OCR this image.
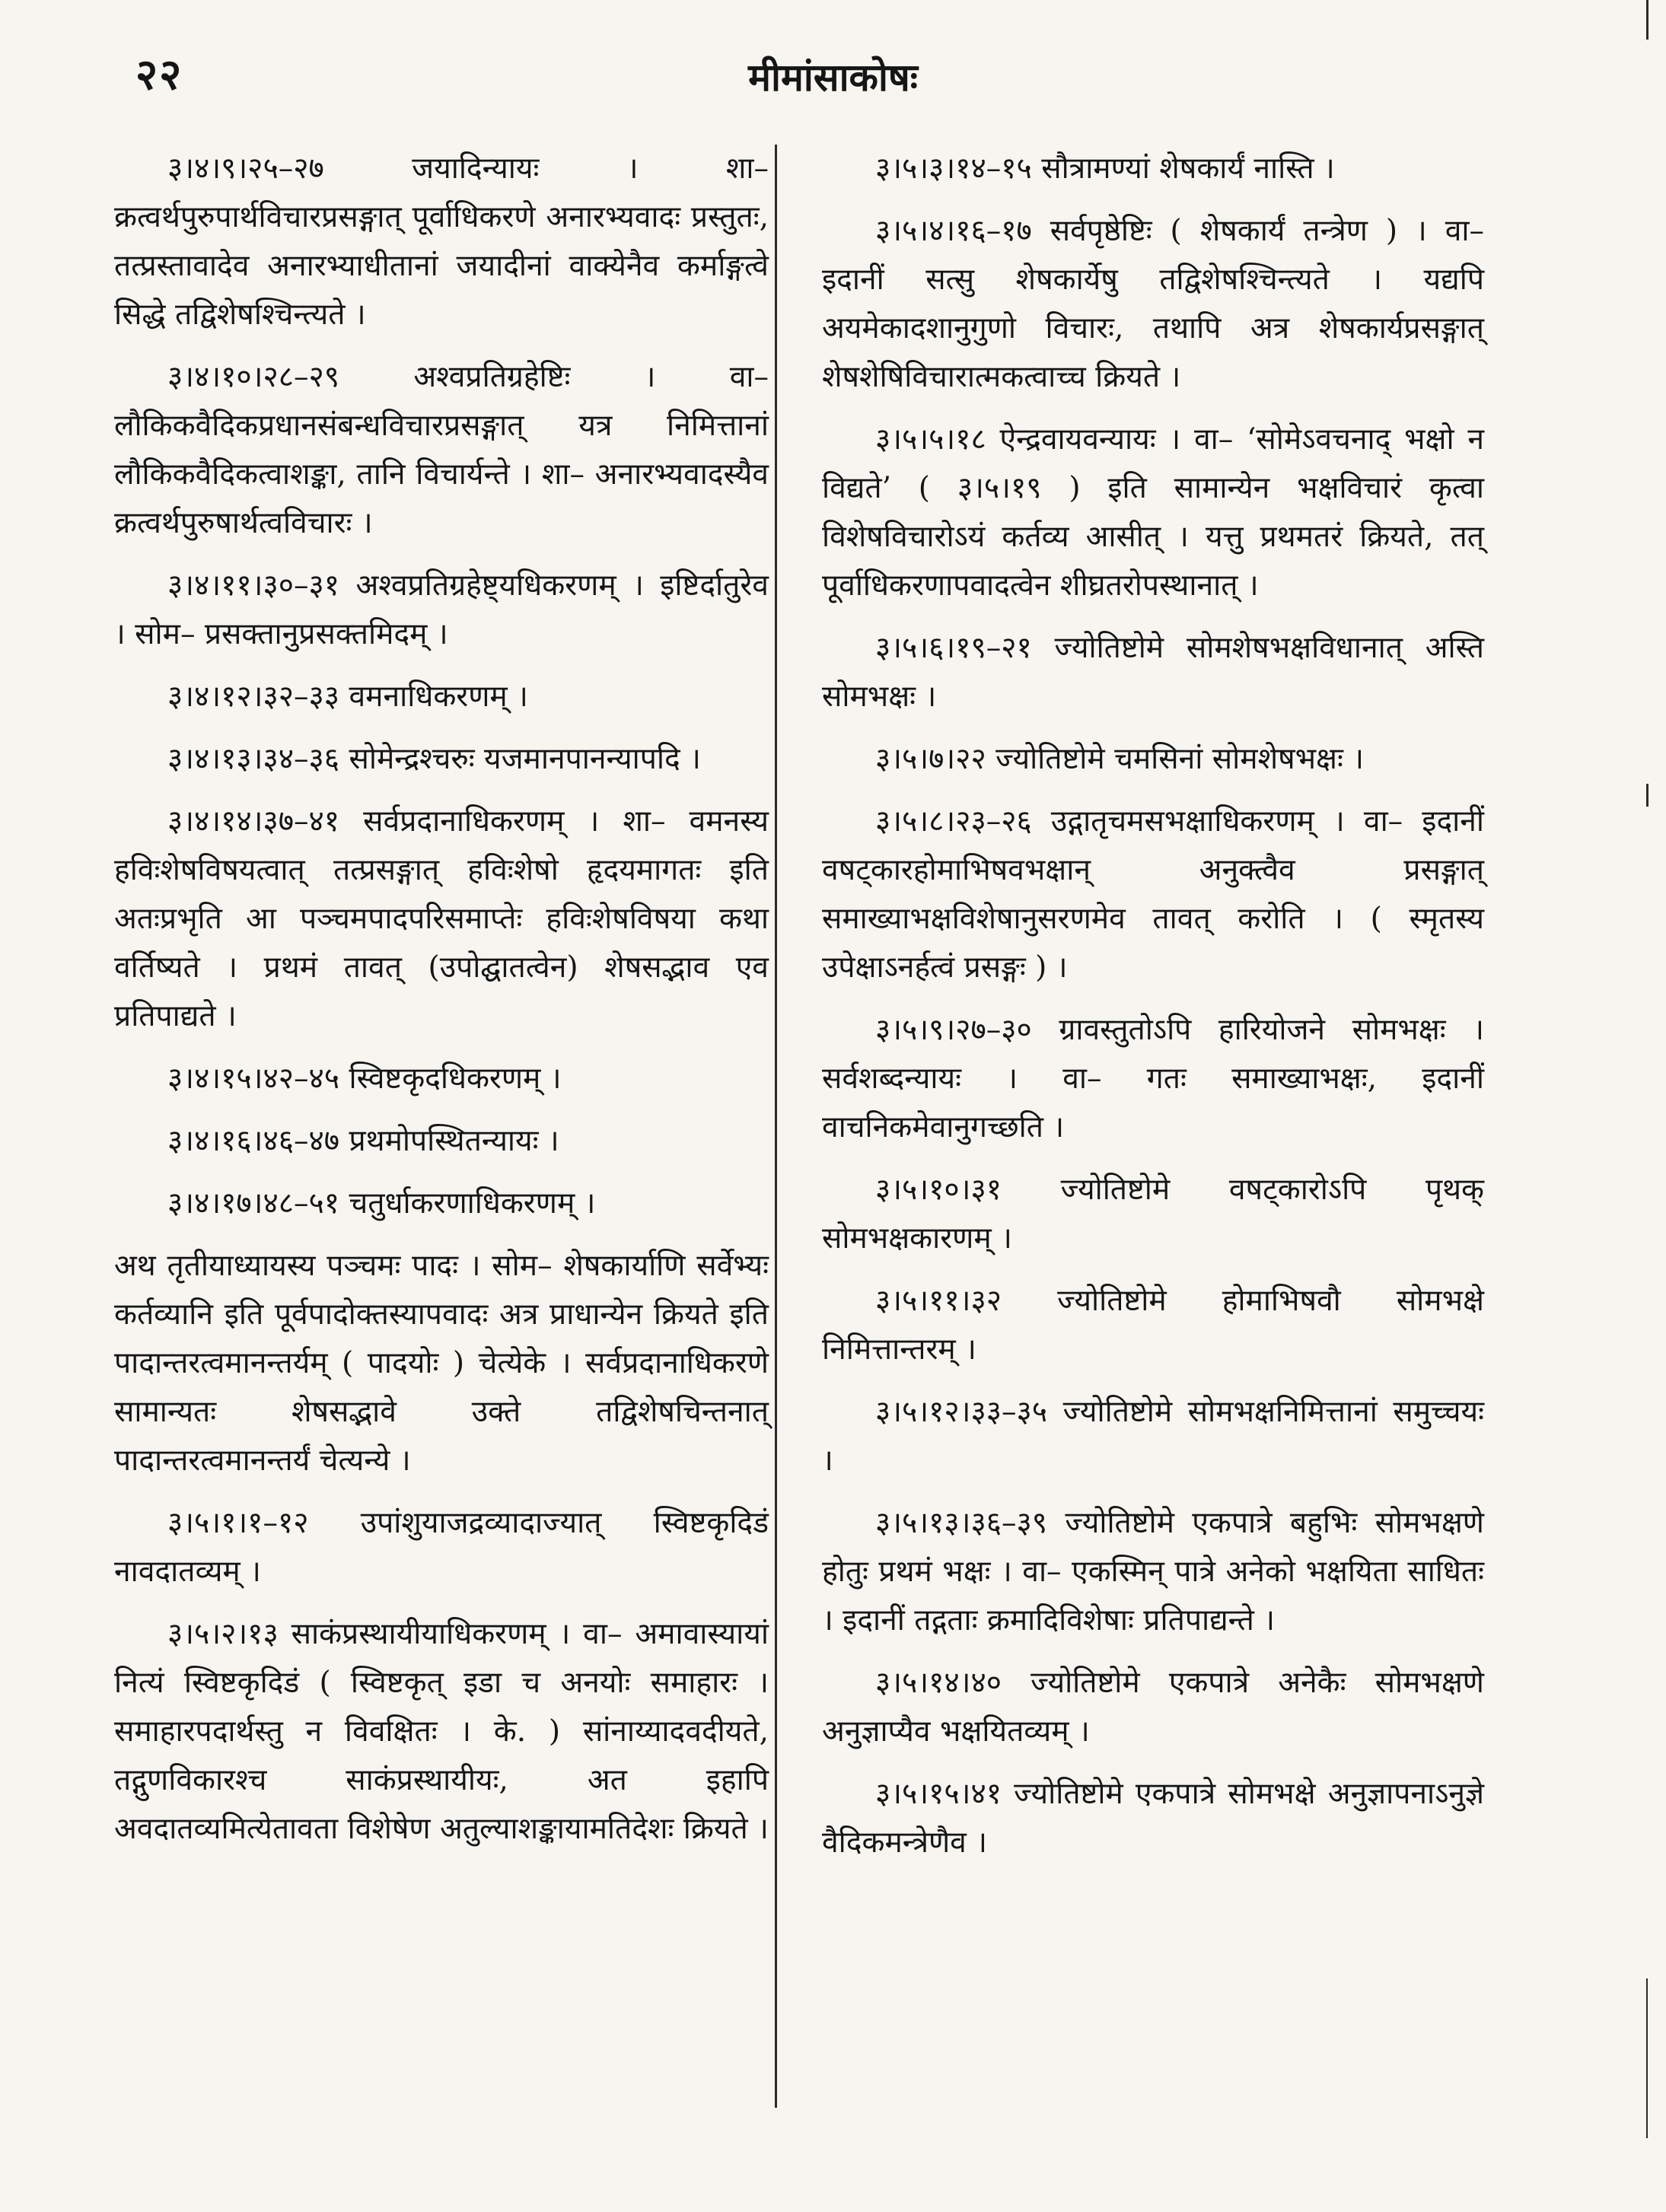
२२	मीमांसाकोषः

३।४।९।२५–२७ जयादिन्यायः । शा– क्रत्वर्थपुरुपार्थविचारप्रसङ्गात् पूर्वाधिकरणे अनारभ्यवादः प्रस्तुतः, तत्प्रस्तावादेव अनारभ्याधीतानां जयादीनां वाक्येनैव कर्माङ्गत्वे सिद्धे तद्विशेषश्चिन्त्यते ।

३।४।१०।२८–२९ अश्वप्रतिग्रहेष्टिः । वा– लौकिकवैदिकप्रधानसंबन्धविचारप्रसङ्गात् यत्र निमित्तानां लौकिकवैदिकत्वाशङ्का, तानि विचार्यन्ते । शा– अनारभ्यवादस्यैव क्रत्वर्थपुरुषार्थत्वविचारः ।

३।४।११।३०–३१ अश्वप्रतिग्रहेष्ट्यधिकरणम् । इष्टिर्दातुरेव । सोम– प्रसक्तानुप्रसक्तमिदम् ।

३।४।१२।३२–३३ वमनाधिकरणम् ।

३।४।१३।३४–३६ सोमेन्द्रश्चरुः यजमानपानन्यापदि ।

३।४।१४।३७–४१ सर्वप्रदानाधिकरणम् । शा– वमनस्य हविःशेषविषयत्वात् तत्प्रसङ्गात् हविःशेषो हृदयमागतः इति अतःप्रभृति आ पञ्चमपादपरिसमाप्तेः हविःशेषविषया कथा वर्तिष्यते । प्रथमं तावत् (उपोद्घातत्वेन) शेषसद्भाव एव प्रतिपाद्यते ।

३।४।१५।४२–४५ स्विष्टकृदधिकरणम् ।

३।४।१६।४६–४७ प्रथमोपस्थितन्यायः ।

३।४।१७।४८–५१ चतुर्धाकरणाधिकरणम् ।

अथ तृतीयाध्यायस्य पञ्चमः पादः । सोम– शेषकार्याणि सर्वेभ्यः कर्तव्यानि इति पूर्वपादोक्तस्यापवादः अत्र प्राधान्येन क्रियते इति पादान्तरत्वमानन्तर्यम् ( पादयोः ) चेत्येके । सर्वप्रदानाधिकरणे सामान्यतः शेषसद्भावे उक्ते तद्विशेषचिन्तनात् पादान्तरत्वमानन्तर्यं चेत्यन्ये ।

३।५।१।१–१२ उपांशुयाजद्रव्यादाज्यात् स्विष्टकृदिडं नावदातव्यम् ।

३।५।२।१३ साकंप्रस्थायीयाधिकरणम् । वा– अमावास्यायां नित्यं स्विष्टकृदिडं ( स्विष्टकृत् इडा च अनयोः समाहारः । समाहारपदार्थस्तु न विवक्षितः । के. ) सांनाय्यादवदीयते, तद्गुणविकारश्च साकंप्रस्थायीयः, अत इहापि अवदातव्यमित्येतावता विशेषेण अतुल्याशङ्कायामतिदेशः क्रियते ।

३।५।३।१४–१५ सौत्रामण्यां शेषकार्यं नास्ति ।

३।५।४।१६–१७ सर्वपृष्ठेष्टिः ( शेषकार्यं तन्त्रेण ) । वा– इदानीं सत्सु शेषकार्येषु तद्विशेषश्चिन्त्यते । यद्यपि अयमेकादशानुगुणो विचारः, तथापि अत्र शेषकार्यप्रसङ्गात् शेषशेषिविचारात्मकत्वाच्च क्रियते ।

३।५।५।१८ ऐन्द्रवायवन्यायः । वा– ‘सोमेऽवचनाद् भक्षो न विद्यते’ ( ३।५।१९ ) इति सामान्येन भक्षविचारं कृत्वा विशेषविचारोऽयं कर्तव्य आसीत् । यत्तु प्रथमतरं क्रियते, तत् पूर्वाधिकरणापवादत्वेन शीघ्रतरोपस्थानात् ।

३।५।६।१९–२१ ज्योतिष्टोमे सोमशेषभक्षविधानात् अस्ति सोमभक्षः ।

३।५।७।२२ ज्योतिष्टोमे चमसिनां सोमशेषभक्षः ।

३।५।८।२३–२६ उद्गातृचमसभक्षाधिकरणम् । वा– इदानीं वषट्कारहोमाभिषवभक्षान् अनुक्त्वैव प्रसङ्गात् समाख्याभक्षविशेषानुसरणमेव तावत् करोति । ( स्मृतस्य उपेक्षाऽनर्हत्वं प्रसङ्गः ) ।

३।५।९।२७–३० ग्रावस्तुतोऽपि हारियोजने सोमभक्षः । सर्वशब्दन्यायः । वा– गतः समाख्याभक्षः, इदानीं वाचनिकमेवानुगच्छति ।

३।५।१०।३१ ज्योतिष्टोमे वषट्कारोऽपि पृथक् सोमभक्षकारणम् ।

३।५।११।३२ ज्योतिष्टोमे होमाभिषवौ सोमभक्षे निमित्तान्तरम् ।

३।५।१२।३३–३५ ज्योतिष्टोमे सोमभक्षनिमित्तानां समुच्चयः ।

३।५।१३।३६–३९ ज्योतिष्टोमे एकपात्रे बहुभिः सोमभक्षणे होतुः प्रथमं भक्षः । वा– एकस्मिन् पात्रे अनेको भक्षयिता साधितः । इदानीं तद्गताः क्रमादिविशेषाः प्रतिपाद्यन्ते ।

३।५।१४।४० ज्योतिष्टोमे एकपात्रे अनेकैः सोमभक्षणे अनुज्ञाप्यैव भक्षयितव्यम् ।

३।५।१५।४१ ज्योतिष्टोमे एकपात्रे सोमभक्षे अनुज्ञापनाऽनुज्ञे वैदिकमन्त्रेणैव ।
